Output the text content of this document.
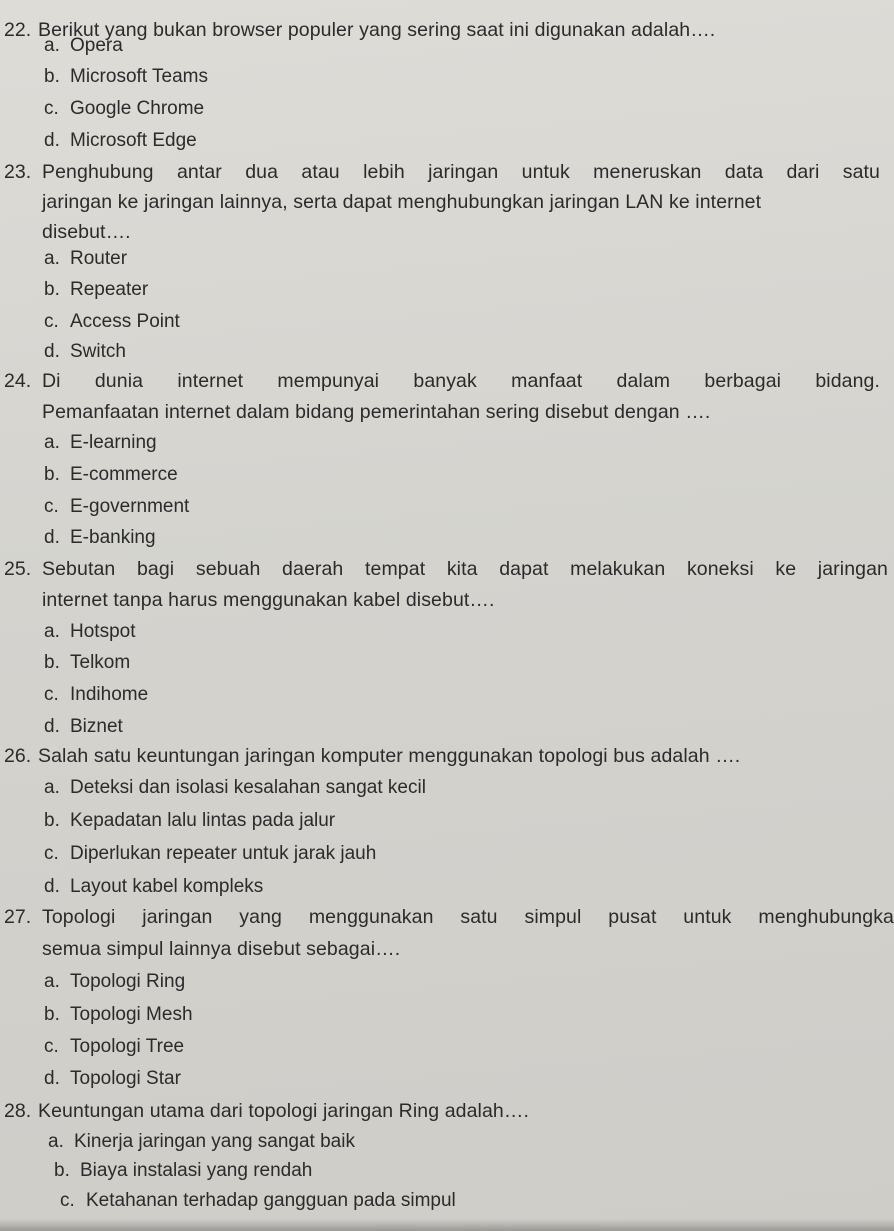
22. Berikut yang bukan browser populer yang sering saat ini digunakan adalah….
a. Opera
b. Microsoft Teams
c. Google Chrome
d. Microsoft Edge
23. Penghubung antar dua atau lebih jaringan untuk meneruskan data dari satu
jaringan ke jaringan lainnya, serta dapat menghubungkan jaringan LAN ke internet
disebut….
a. Router
b. Repeater
c. Access Point
d. Switch
24. Di dunia internet mempunyai banyak manfaat dalam berbagai bidang.
Pemanfaatan internet dalam bidang pemerintahan sering disebut dengan ….
a. E-learning
b. E-commerce
c. E-government
d. E-banking
25. Sebutan bagi sebuah daerah tempat kita dapat melakukan koneksi ke jaringan
internet tanpa harus menggunakan kabel disebut….
a. Hotspot
b. Telkom
c. Indihome
d. Biznet
26. Salah satu keuntungan jaringan komputer menggunakan topologi bus adalah ….
a. Deteksi dan isolasi kesalahan sangat kecil
b. Kepadatan lalu lintas pada jalur
c. Diperlukan repeater untuk jarak jauh
d. Layout kabel kompleks
27. Topologi jaringan yang menggunakan satu simpul pusat untuk menghubungka
semua simpul lainnya disebut sebagai….
a. Topologi Ring
b. Topologi Mesh
c. Topologi Tree
d. Topologi Star
28. Keuntungan utama dari topologi jaringan Ring adalah….
a. Kinerja jaringan yang sangat baik
b. Biaya instalasi yang rendah
c. Ketahanan terhadap gangguan pada simpul
